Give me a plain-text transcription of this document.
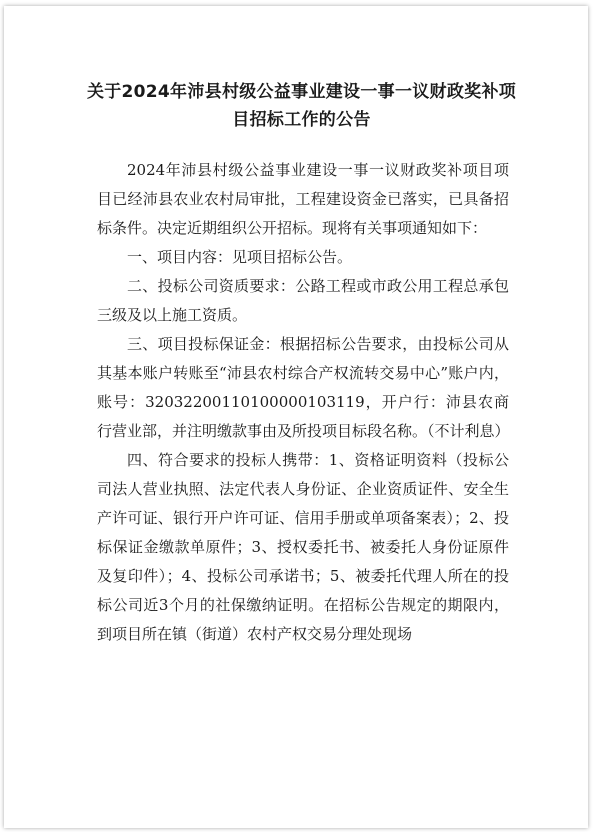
关于2024年沛县村级公益事业建设一事一议财政奖补项
目招标工作的公告

2024年沛县村级公益事业建设一事一议财政奖补项目项目已经沛县农业农村局审批，工程建设资金已落实，已具备招标条件。决定近期组织公开招标。现将有关事项通知如下：

一、项目内容：见项目招标公告。

二、投标公司资质要求：公路工程或市政公用工程总承包三级及以上施工资质。

三、项目投标保证金：根据招标公告要求，由投标公司从其基本账户转账至“沛县农村综合产权流转交易中心”账户内，账号：32032200110100000103119，开户行：沛县农商行营业部，并注明缴款事由及所投项目标段名称。（不计利息）

四、符合要求的投标人携带：1、资格证明资料（投标公司法人营业执照、法定代表人身份证、企业资质证件、安全生产许可证、银行开户许可证、信用手册或单项备案表）；2、投标保证金缴款单原件；3、授权委托书、被委托人身份证原件及复印件）；4、投标公司承诺书；5、被委托代理人所在的投标公司近3个月的社保缴纳证明。在招标公告规定的期限内，到项目所在镇（街道）农村产权交易分理处现场
